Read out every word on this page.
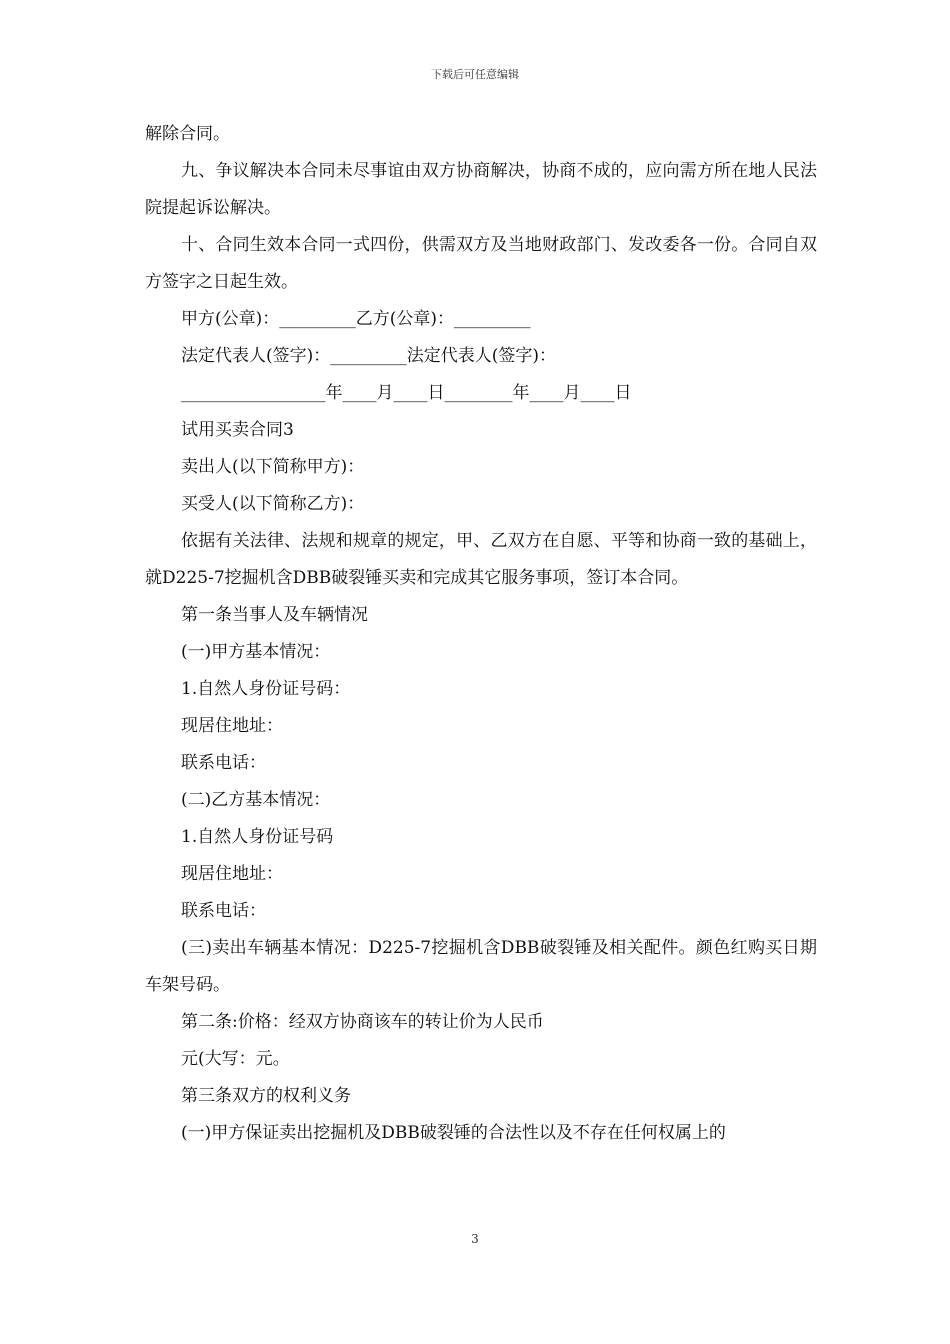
下载后可任意编辑

解除合同。

九、争议解决本合同未尽事谊由双方协商解决，协商不成的，应向需方所在地人民法院提起诉讼解决。

十、合同生效本合同一式四份，供需双方及当地财政部门、发改委各一份。合同自双方签字之日起生效。

甲方(公章)：_________乙方(公章)：_________

法定代表人(签字)：_________法定代表人(签字)：

_________________年____月____日________年____月____日

试用买卖合同3

卖出人(以下简称甲方)：

买受人(以下简称乙方)：

依据有关法律、法规和规章的规定，甲、乙双方在自愿、平等和协商一致的基础上，就D225-7挖掘机含DBB破裂锤买卖和完成其它服务事项，签订本合同。

第一条当事人及车辆情况

(一)甲方基本情况：

1.自然人身份证号码：

现居住地址：

联系电话：

(二)乙方基本情况：

1.自然人身份证号码

现居住地址：

联系电话：

(三)卖出车辆基本情况：D225-7挖掘机含DBB破裂锤及相关配件。颜色红购买日期车架号码。

第二条:价格：经双方协商该车的转让价为人民币

元(大写：元。

第三条双方的权利义务

(一)甲方保证卖出挖掘机及DBB破裂锤的合法性以及不存在任何权属上的

3
